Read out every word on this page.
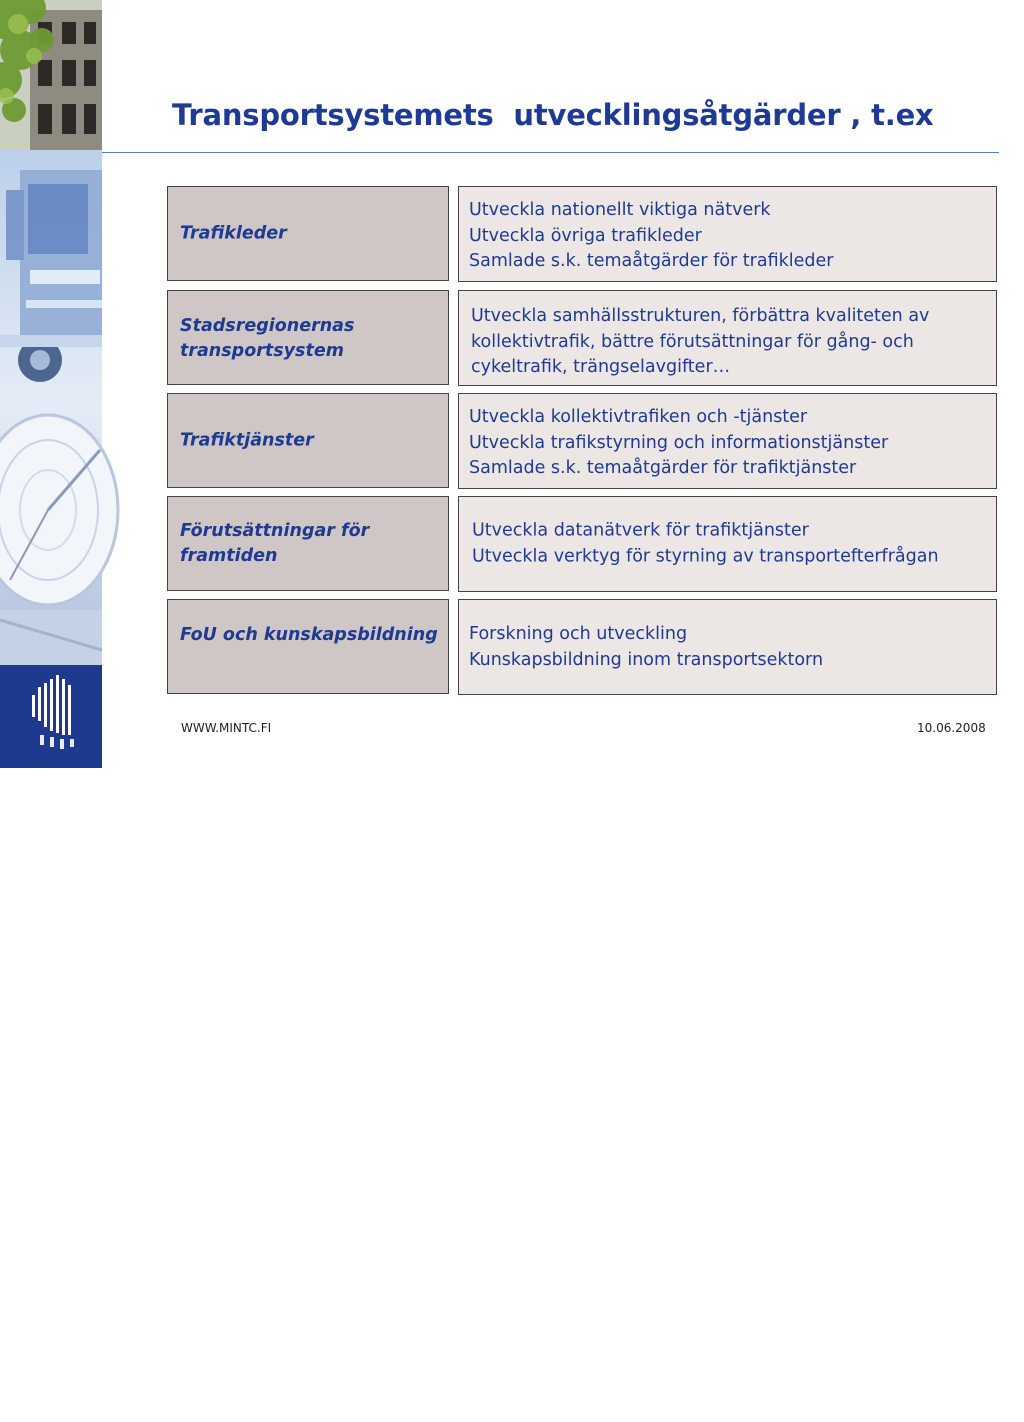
5
Transportsystemets  utvecklingsåtgärder , t.ex
Trafikleder
Utveckla nationellt viktiga nätverk
Utveckla övriga trafikleder
Samlade s.k. temaåtgärder för trafikleder
Stadsregionernas transportsystem
Utveckla samhällsstrukturen, förbättra kvaliteten av kollektivtrafik, bättre förutsättningar för gång- och cykeltrafik, trängselavgifter…
Trafiktjänster
Utveckla kollektivtrafiken och -tjänster
Utveckla trafikstyrning och informationstjänster
Samlade s.k. temaåtgärder för trafiktjänster
Förutsättningar för framtiden
Utveckla datanätverk för trafiktjänster
Utveckla verktyg för styrning av transportefterfrågan
FoU och kunskapsbildning Forskning och utveckling
Kunskapsbildning inom transportsektorn
WWW.MINTC.FI	10.06.2008
